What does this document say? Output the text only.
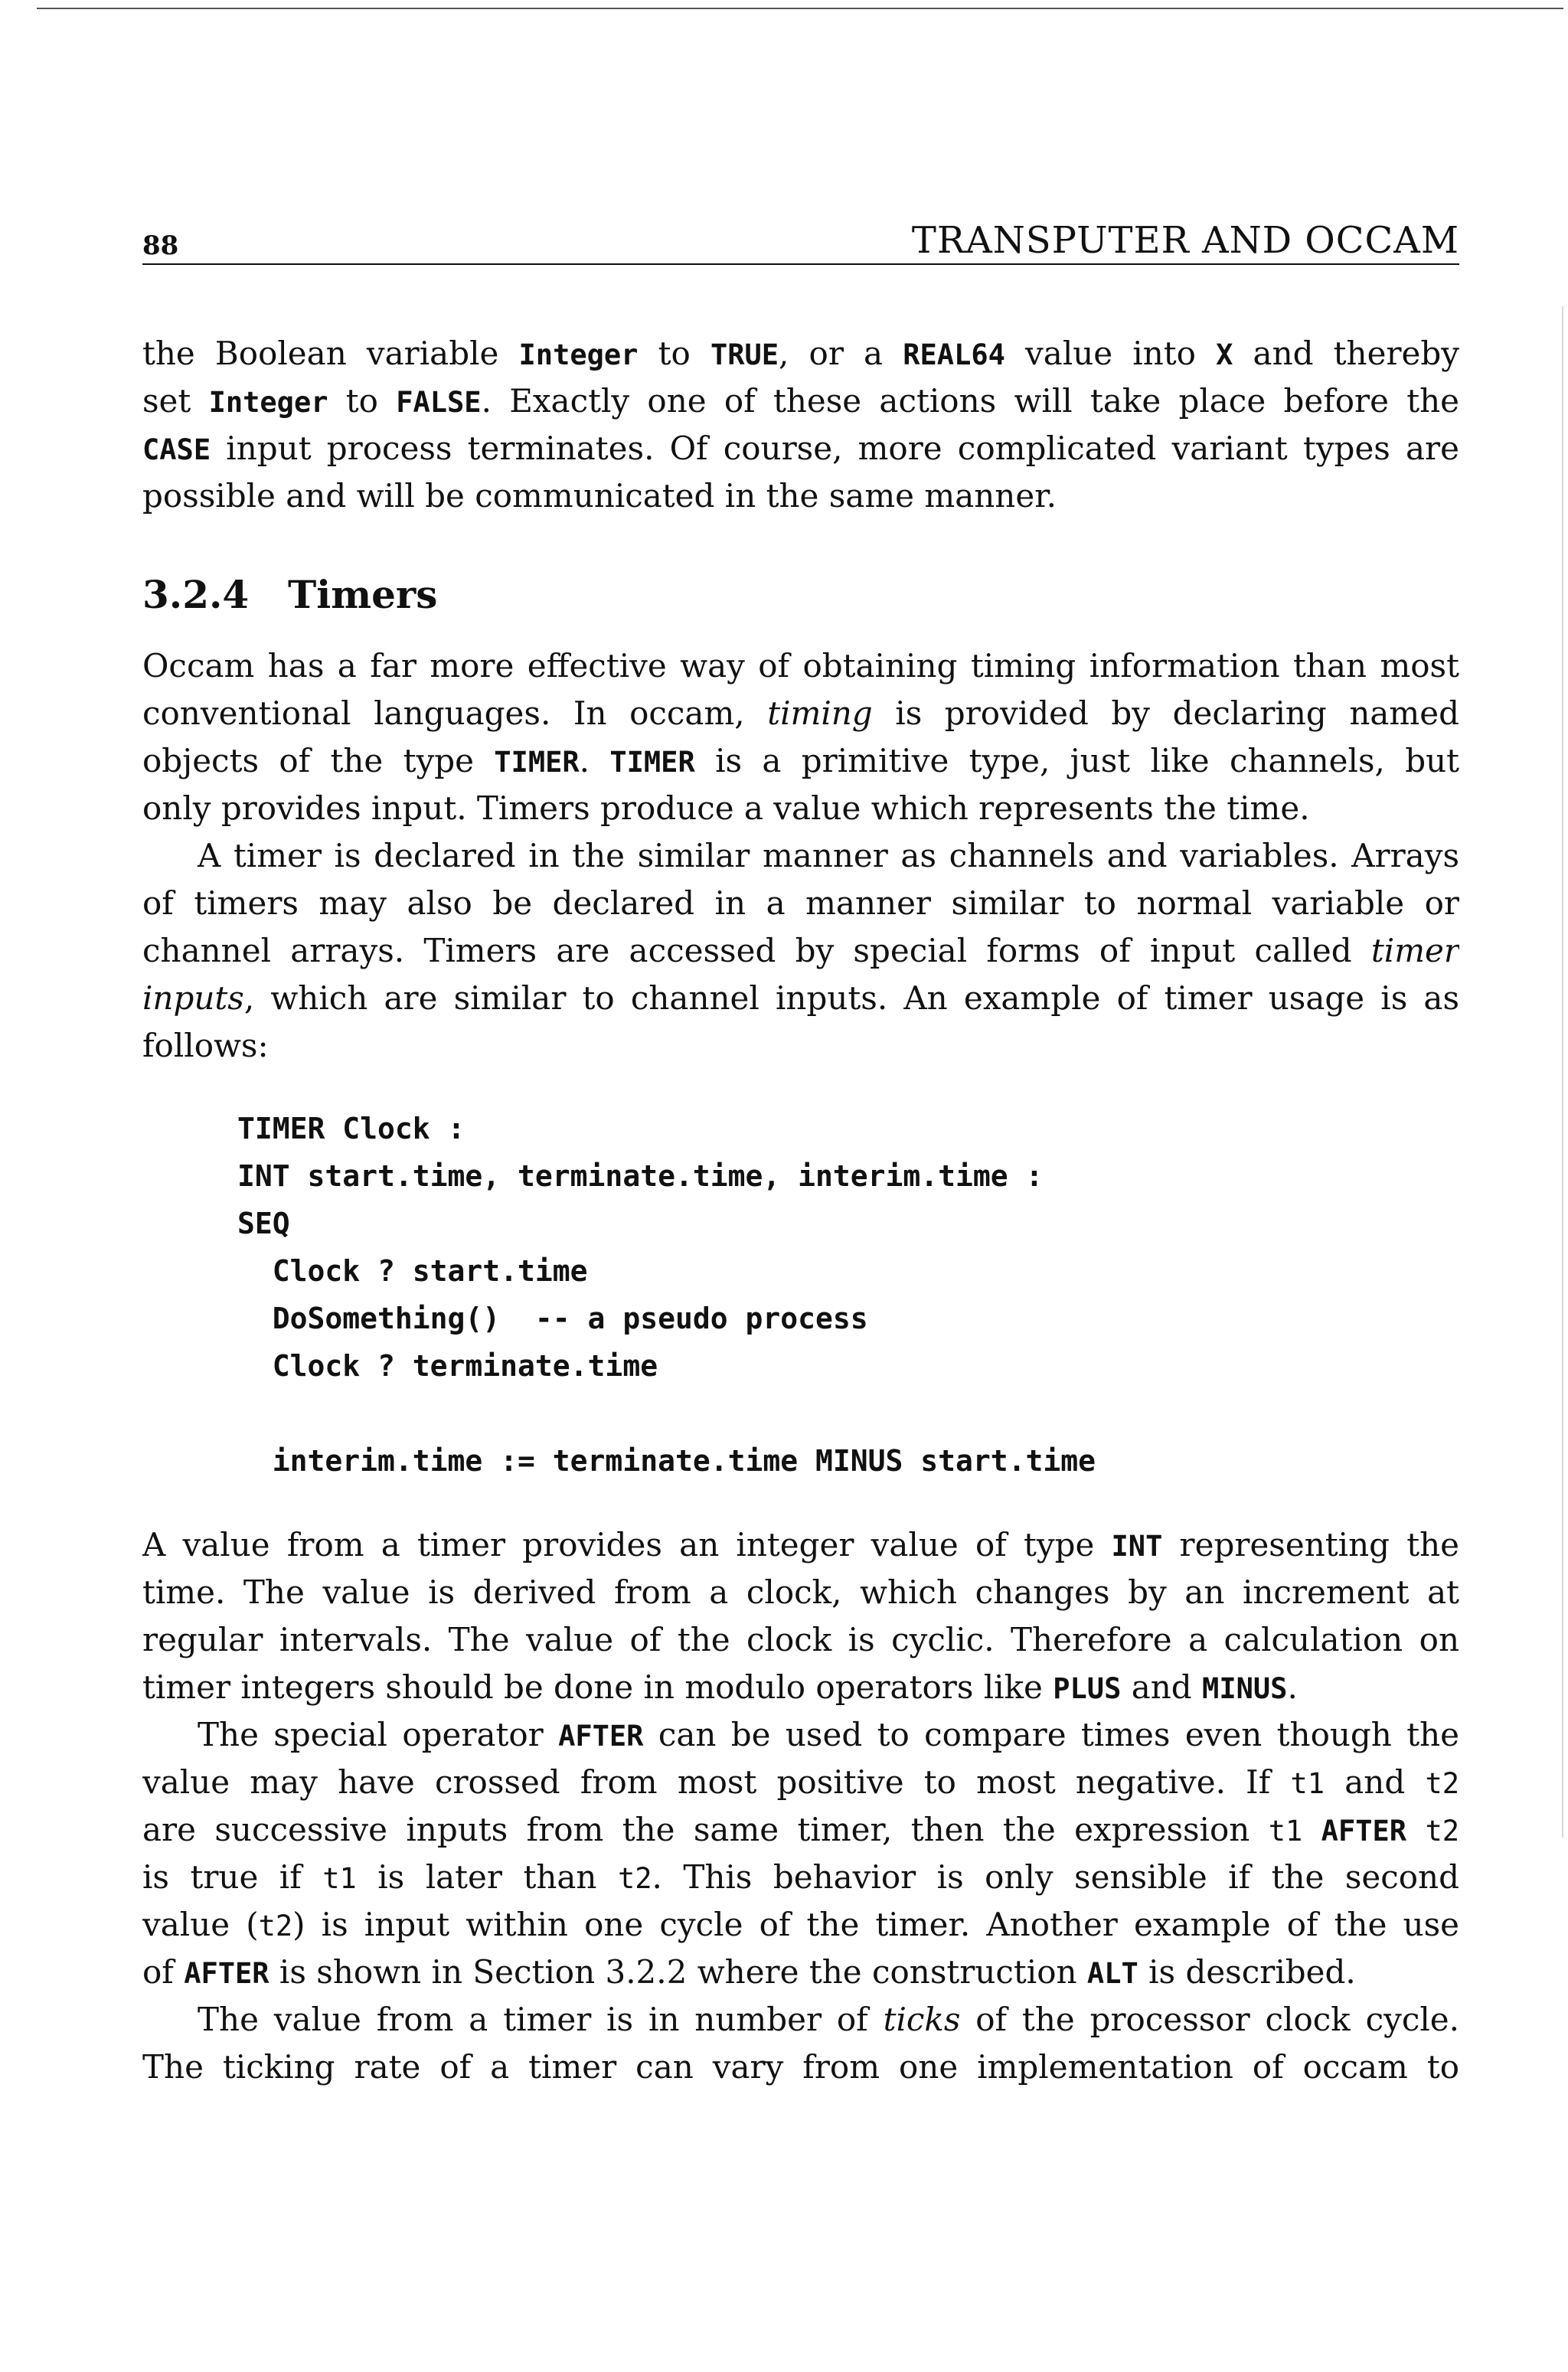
88	TRANSPUTER AND OCCAM
the Boolean variable Integer to TRUE, or a REAL64 value into X and thereby
set Integer to FALSE. Exactly one of these actions will take place before the
CASE input process terminates. Of course, more complicated variant types are
possible and will be communicated in the same manner.
3.2.4 Timers
Occam has a far more effective way of obtaining timing information than most
conventional languages. In occam, timing is provided by declaring named
objects of the type TIMER. TIMER is a primitive type, just like channels, but
only provides input. Timers produce a value which represents the time.
A timer is declared in the similar manner as channels and variables. Arrays
of timers may also be declared in a manner similar to normal variable or
channel arrays. Timers are accessed by special forms of input called timer
inputs, which are similar to channel inputs. An example of timer usage is as
follows:
TIMER Clock :
INT start.time, terminate.time, interim.time :
SEQ
Clock ? start.time
DoSomething()  -- a pseudo process
Clock ? terminate.time
interim.time := terminate.time MINUS start.time
A value from a timer provides an integer value of type INT representing the
time. The value is derived from a clock, which changes by an increment at
regular intervals. The value of the clock is cyclic. Therefore a calculation on
timer integers should be done in modulo operators like PLUS and MINUS.
The special operator AFTER can be used to compare times even though the
value may have crossed from most positive to most negative. If t1 and t2
are successive inputs from the same timer, then the expression t1 AFTER t2
is true if t1 is later than t2. This behavior is only sensible if the second
value (t2) is input within one cycle of the timer. Another example of the use
of AFTER is shown in Section 3.2.2 where the construction ALT is described.
The value from a timer is in number of ticks of the processor clock cycle.
The ticking rate of a timer can vary from one implementation of occam to
